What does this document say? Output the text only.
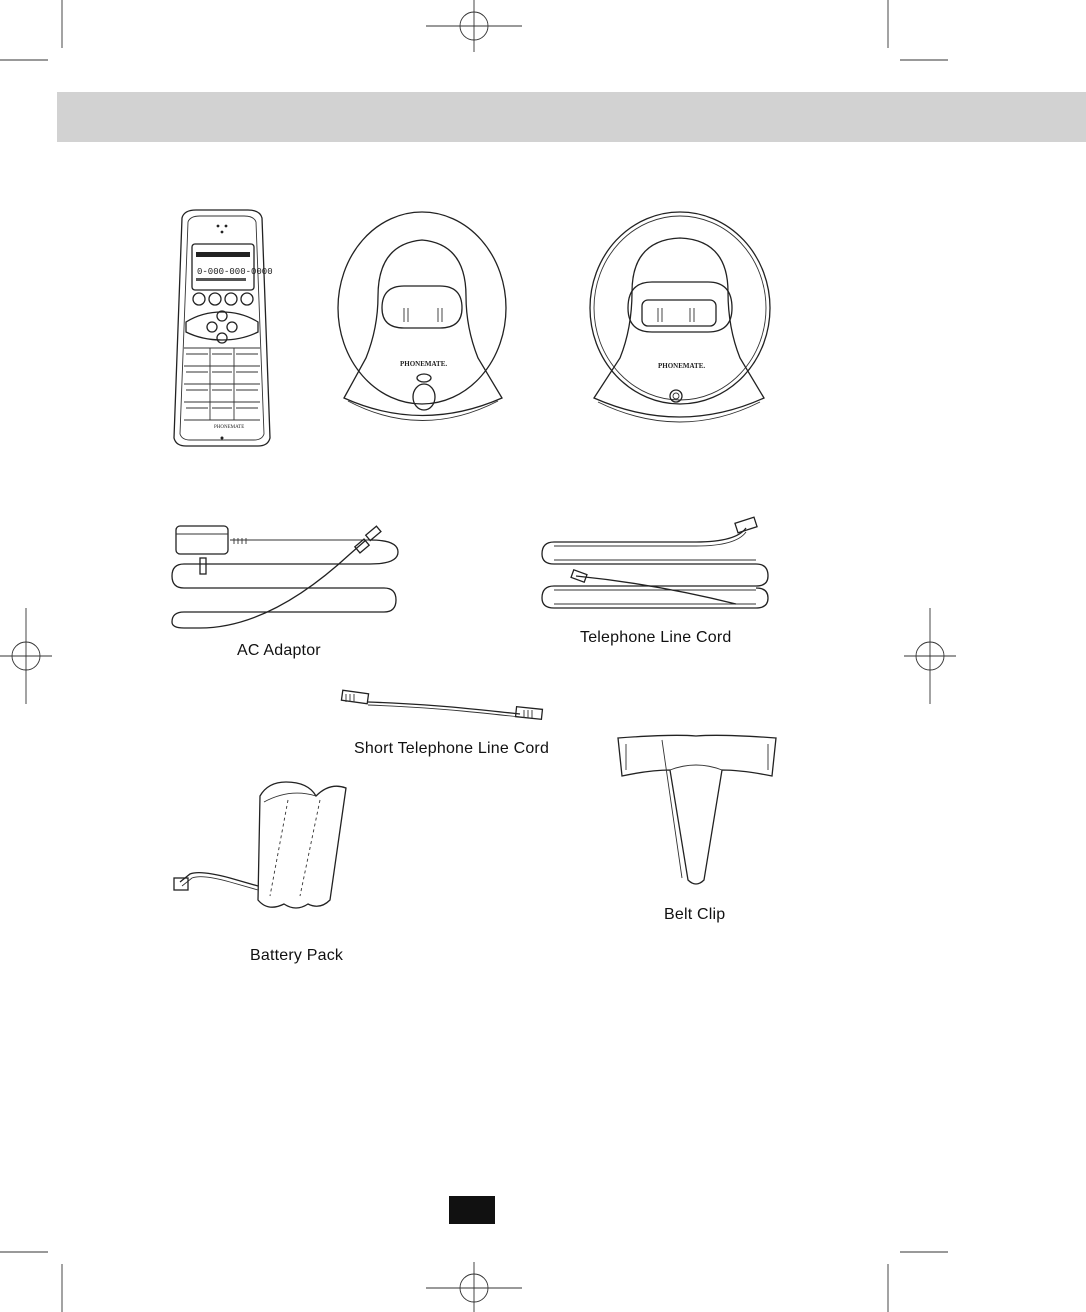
0-000-000-0000
PHONEMATE
PHONEMATE.	PHONEMATE.
AC Adaptor
Telephone Line Cord
Short Telephone Line Cord
Belt Clip
Battery Pack
